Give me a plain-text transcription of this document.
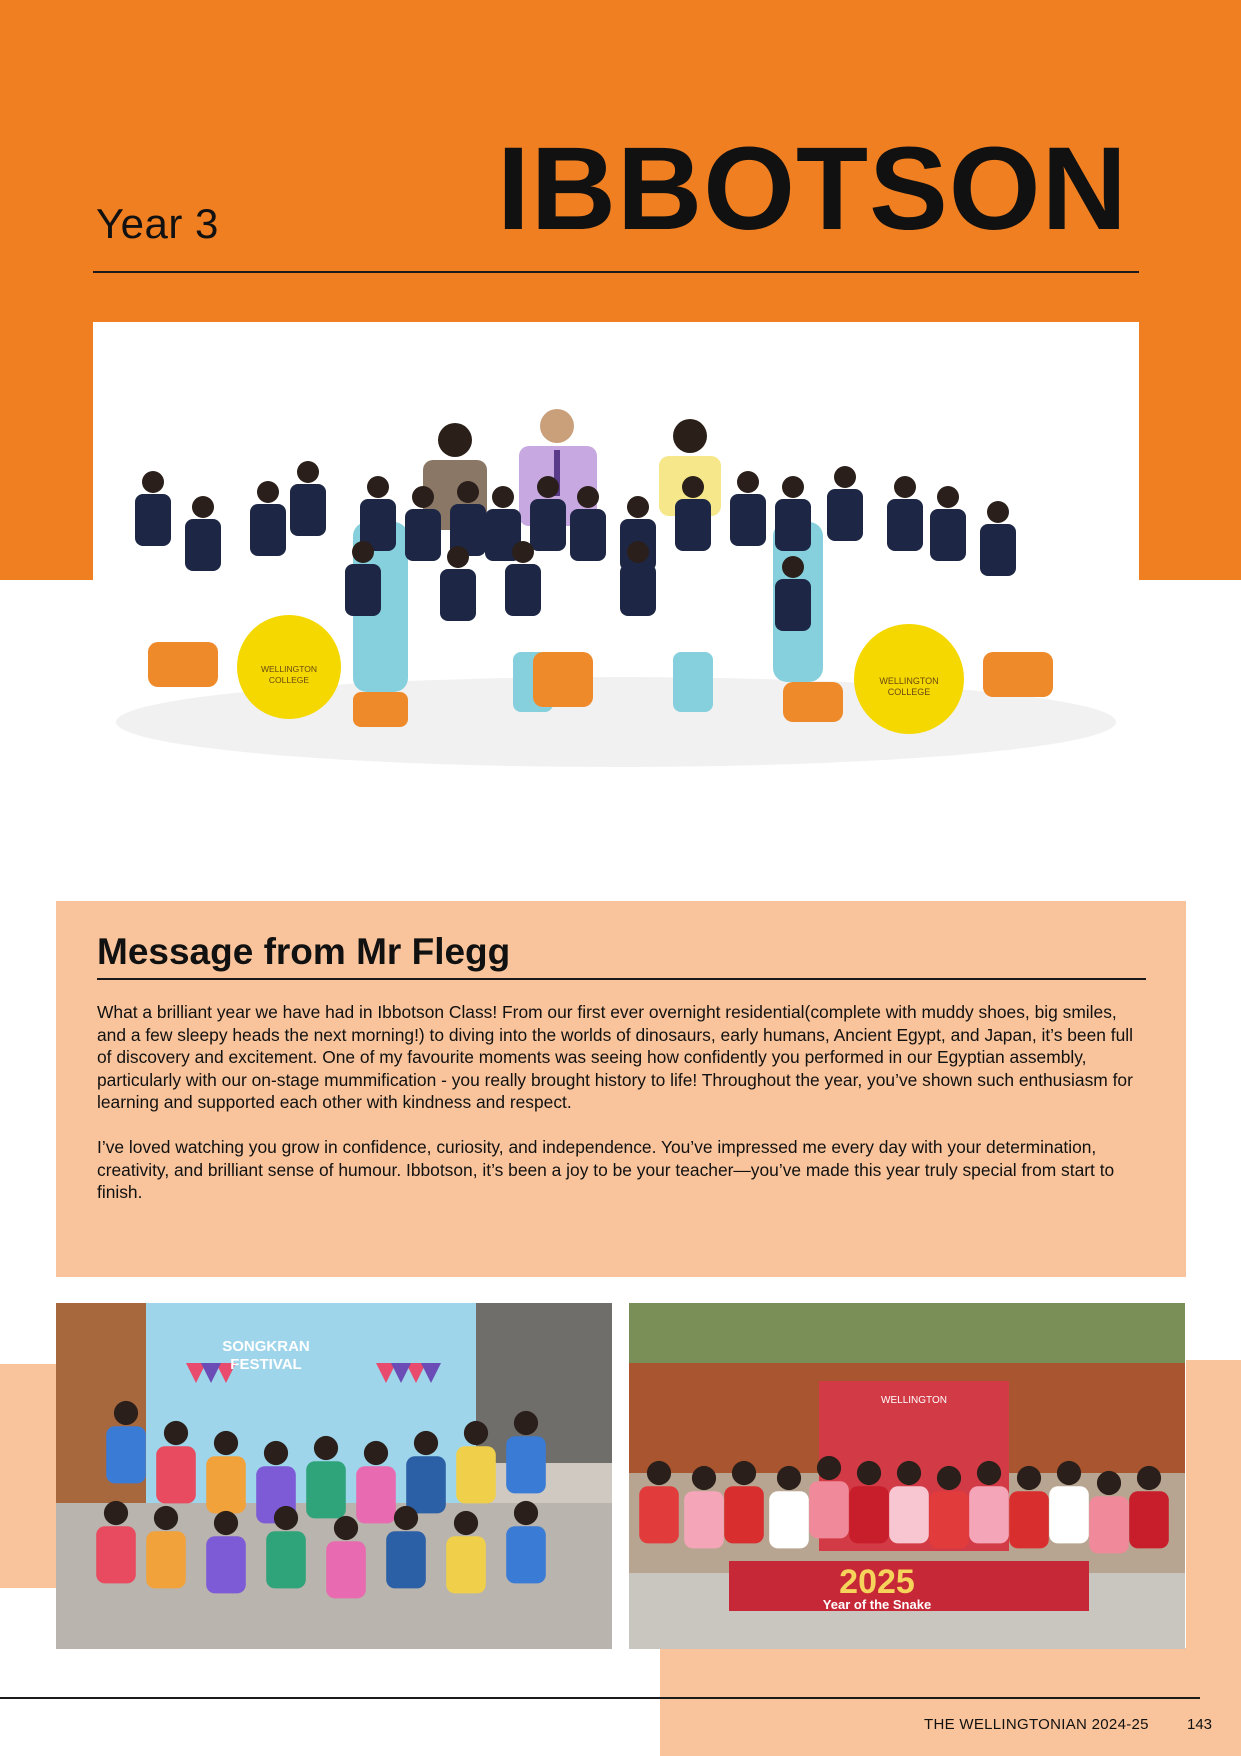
Year 3 IBBOTSON
WELLINGTON
COLLEGE	WELLINGTON
COLLEGE
Message from Mr Flegg

What a brilliant year we have had in Ibbotson Class! From our first ever overnight residential(complete with muddy shoes, big smiles, and a few sleepy heads the next morning!) to diving into the worlds of dinosaurs, early humans, Ancient Egypt, and Japan, it’s been full of discovery and excitement. One of my favourite moments was seeing how confidently you performed in our Egyptian assembly, particularly with our on-stage mummification - you really brought history to life! Throughout the year, you’ve shown such enthusiasm for learning and supported each other with kindness and respect.

I’ve loved watching you grow in confidence, curiosity, and independence. You’ve impressed me every day with your determination, creativity, and brilliant sense of humour. Ibbotson, it’s been a joy to be your teacher—you’ve made this year truly special from start to finish.

SONGKRAN
FESTIVAL
WELLINGTON
2025
Year of the Snake
THE WELLINGTONIAN 2024-25	143
